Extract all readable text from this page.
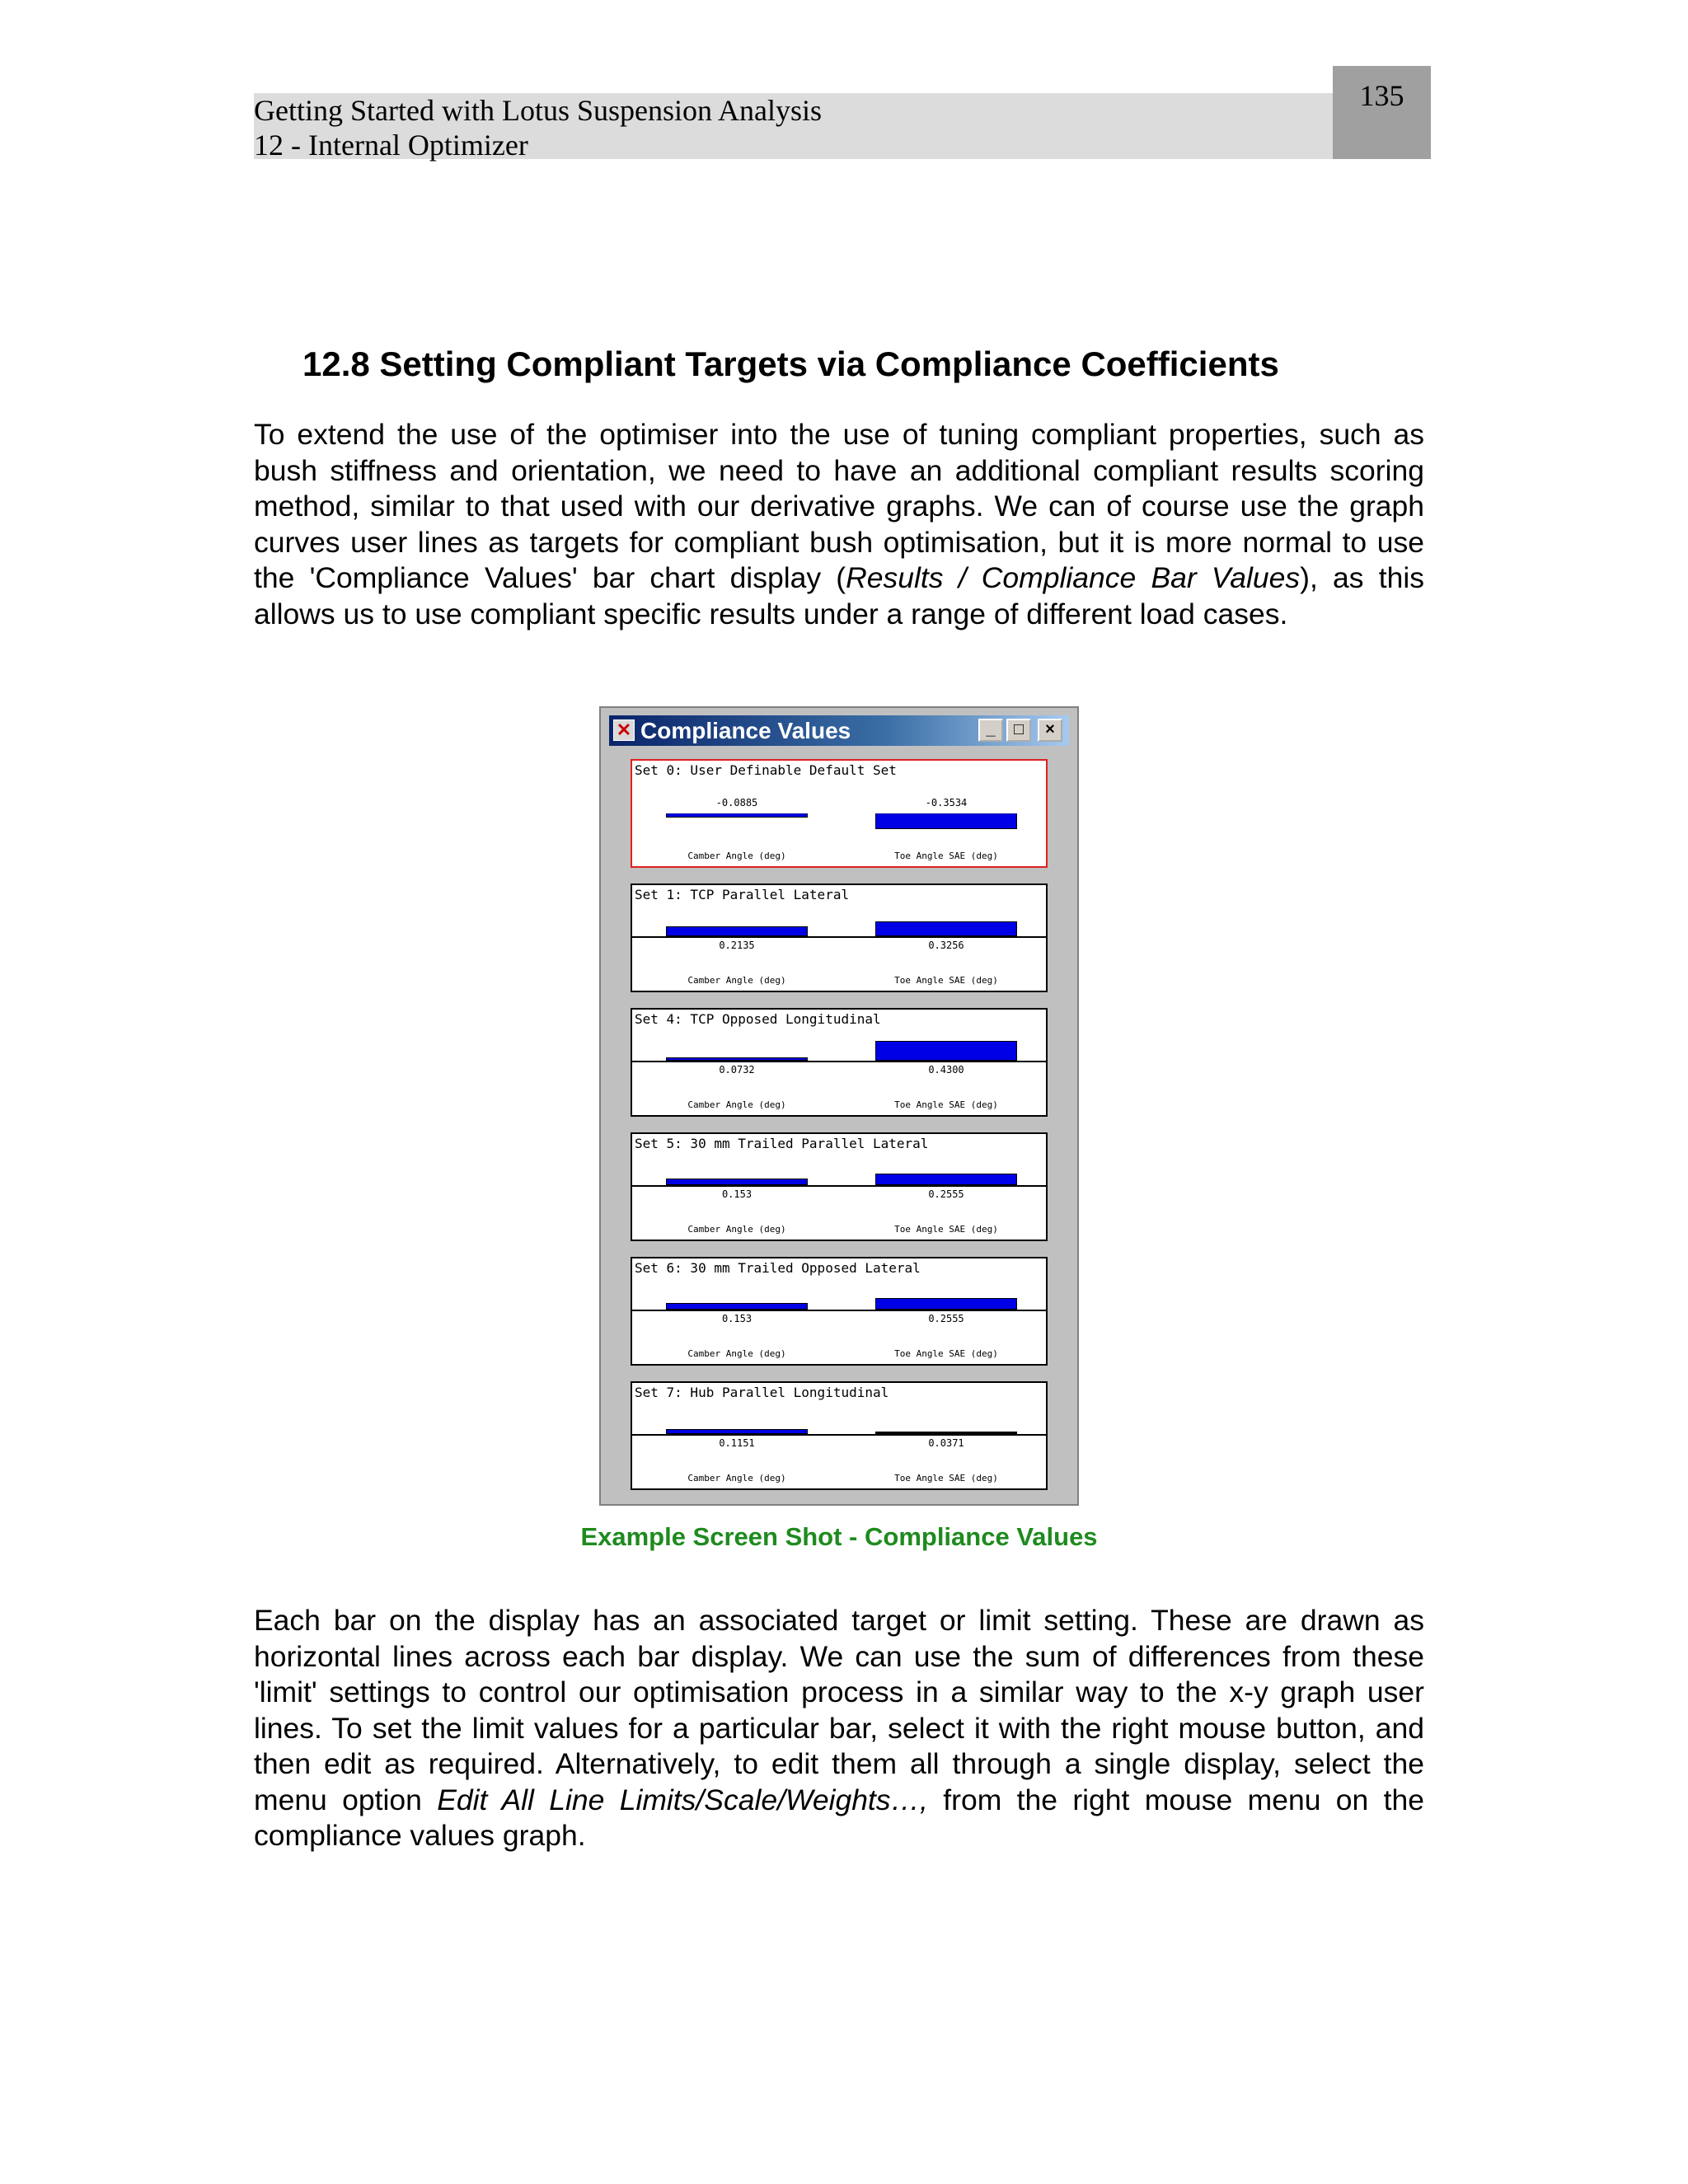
Getting Started with Lotus Suspension Analysis
12 - Internal Optimizer
135
12.8 Setting Compliant Targets via Compliance Coefficients
To extend the use of the optimiser into the use of tuning compliant properties, such as bush stiffness and orientation, we need to have an additional compliant results scoring method, similar to that used with our derivative graphs. We can of course use the graph curves user lines as targets for compliant bush optimisation, but it is more normal to use the 'Compliance Values' bar chart display (Results / Compliance Bar Values), as this allows us to use compliant specific results under a range of different load cases.
✕ Compliance Values	_	□	×
Set 0: User Definable Default Set
-0.0885
Camber Angle (deg)
-0.3534
Toe Angle SAE (deg)
Set 1: TCP Parallel Lateral
0.2135
Camber Angle (deg)
0.3256
Toe Angle SAE (deg)
Set 4: TCP Opposed Longitudinal
0.0732
Camber Angle (deg)
0.4300
Toe Angle SAE (deg)
Set 5: 30 mm Trailed Parallel Lateral
0.153
Camber Angle (deg)
0.2555
Toe Angle SAE (deg)
Set 6: 30 mm Trailed Opposed Lateral
0.153
Camber Angle (deg)
0.2555
Toe Angle SAE (deg)
Set 7: Hub Parallel Longitudinal
0.1151
Camber Angle (deg)
0.0371
Toe Angle SAE (deg)
Example Screen Shot - Compliance Values
Each bar on the display has an associated target or limit setting. These are drawn as horizontal lines across each bar display. We can use the sum of differences from these 'limit' settings to control our optimisation process in a similar way to the x-y graph user lines. To set the limit values for a particular bar, select it with the right mouse button, and then edit as required. Alternatively, to edit them all through a single display, select the menu option Edit All Line Limits/Scale/Weights…, from the right mouse menu on the compliance values graph.
